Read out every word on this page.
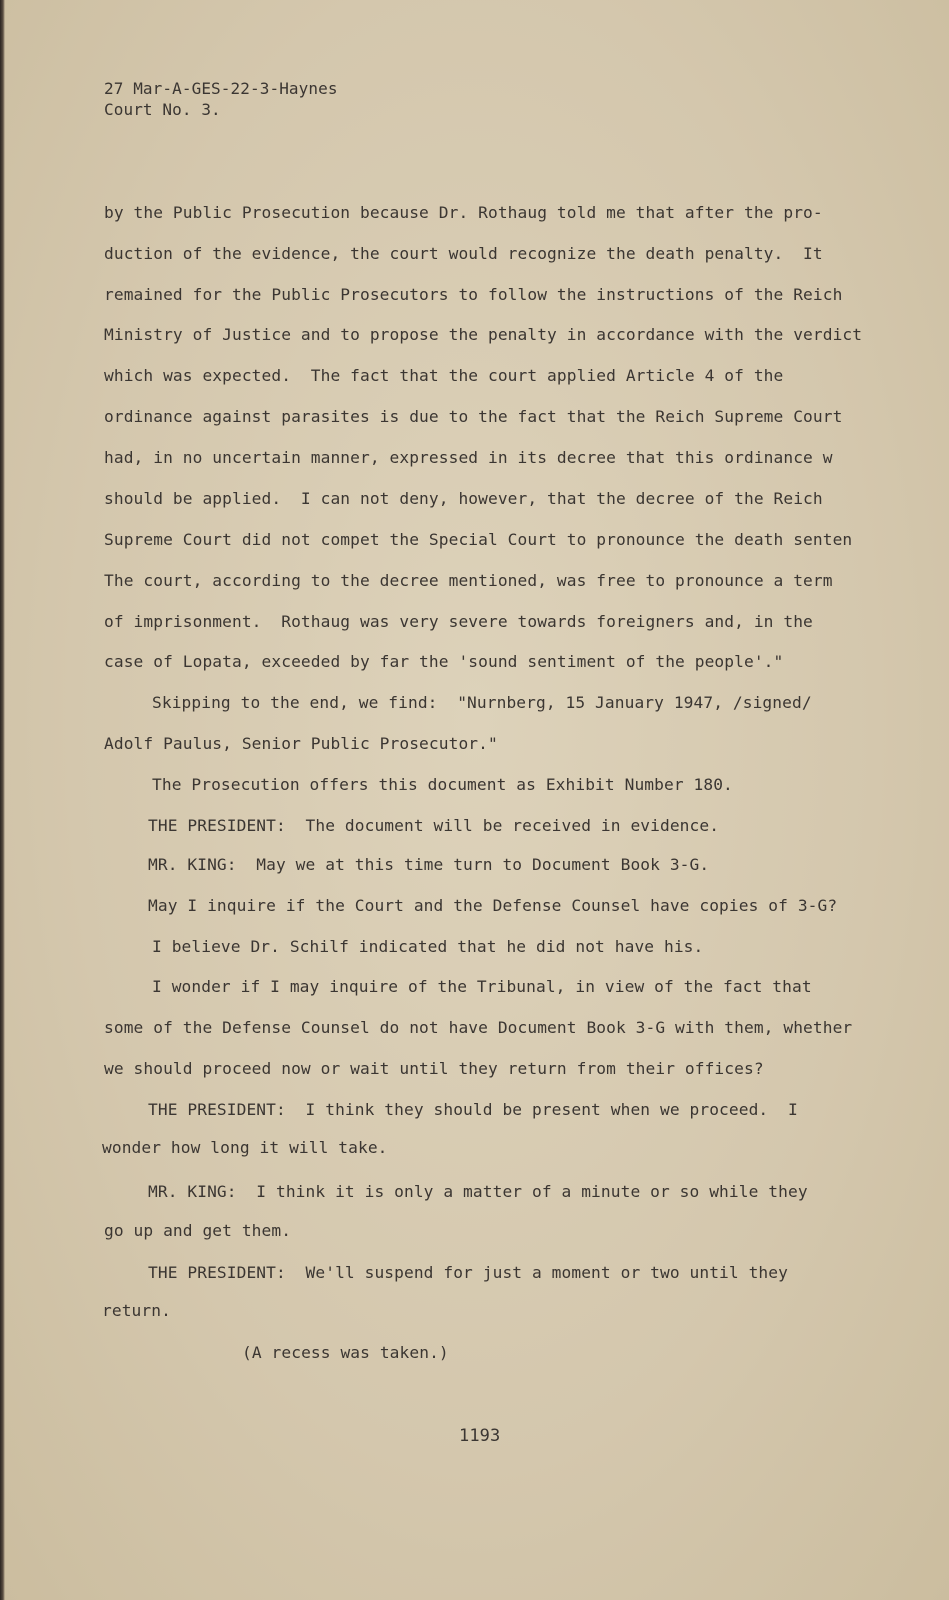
27 Mar-A-GES-22-3-Haynes
Court No. 3.
by the Public Prosecution because Dr. Rothaug told me that after the pro-
duction of the evidence, the court would recognize the death penalty.  It
remained for the Public Prosecutors to follow the instructions of the Reich
Ministry of Justice and to propose the penalty in accordance with the verdict
which was expected.  The fact that the court applied Article 4 of the
ordinance against parasites is due to the fact that the Reich Supreme Court
had, in no uncertain manner, expressed in its decree that this ordinance w
should be applied.  I can not deny, however, that the decree of the Reich
Supreme Court did not compet the Special Court to pronounce the death senten
The court, according to the decree mentioned, was free to pronounce a term
of imprisonment.  Rothaug was very severe towards foreigners and, in the
case of Lopata, exceeded by far the 'sound sentiment of the people'."
Skipping to the end, we find:  "Nurnberg, 15 January 1947, /signed/
Adolf Paulus, Senior Public Prosecutor."
The Prosecution offers this document as Exhibit Number 180.
THE PRESIDENT:  The document will be received in evidence.
MR. KING:  May we at this time turn to Document Book 3-G.
May I inquire if the Court and the Defense Counsel have copies of 3-G?
I believe Dr. Schilf indicated that he did not have his.
I wonder if I may inquire of the Tribunal, in view of the fact that
some of the Defense Counsel do not have Document Book 3-G with them, whether
we should proceed now or wait until they return from their offices?
THE PRESIDENT:  I think they should be present when we proceed.  I
wonder how long it will take.
MR. KING:  I think it is only a matter of a minute or so while they
go up and get them.
THE PRESIDENT:  We'll suspend for just a moment or two until they
return.
(A recess was taken.)
1193
